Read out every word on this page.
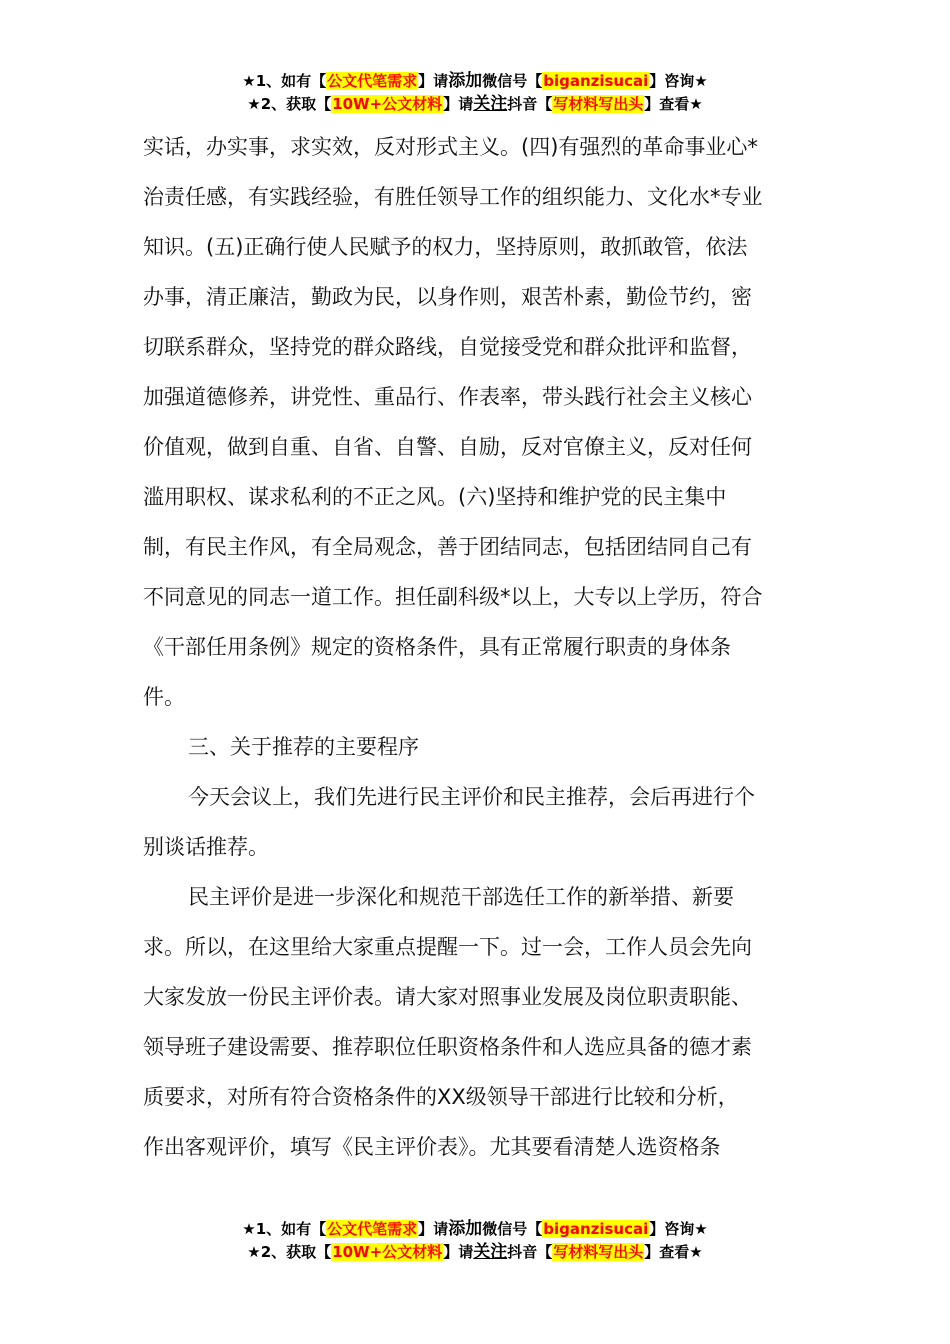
★1、如有【公文代笔需求】请添加微信号【biganzisucai】咨询★
★2、获取【10W+公文材料】请关注抖音【写材料写出头】查看★
实话，办实事，求实效，反对形式主义。(四)有强烈的革命事业心*
治责任感，有实践经验，有胜任领导工作的组织能力、文化水*专业
知识。(五)正确行使人民赋予的权力，坚持原则，敢抓敢管，依法
办事，清正廉洁，勤政为民，以身作则，艰苦朴素，勤俭节约，密
切联系群众，坚持党的群众路线，自觉接受党和群众批评和监督，
加强道德修养，讲党性、重品行、作表率，带头践行社会主义核心
价值观，做到自重、自省、自警、自励，反对官僚主义，反对任何
滥用职权、谋求私利的不正之风。(六)坚持和维护党的民主集中
制，有民主作风，有全局观念，善于团结同志，包括团结同自己有
不同意见的同志一道工作。担任副科级*以上，大专以上学历，符合
《干部任用条例》规定的资格条件，具有正常履行职责的身体条
件。
三、关于推荐的主要程序
今天会议上，我们先进行民主评价和民主推荐，会后再进行个
别谈话推荐。
民主评价是进一步深化和规范干部选任工作的新举措、新要
求。所以，在这里给大家重点提醒一下。过一会，工作人员会先向
大家发放一份民主评价表。请大家对照事业发展及岗位职责职能、
领导班子建设需要、推荐职位任职资格条件和人选应具备的德才素
质要求，对所有符合资格条件的XX级领导干部进行比较和分析，
作出客观评价，填写《民主评价表》。尤其要看清楚人选资格条
★1、如有【公文代笔需求】请添加微信号【biganzisucai】咨询★
★2、获取【10W+公文材料】请关注抖音【写材料写出头】查看★
